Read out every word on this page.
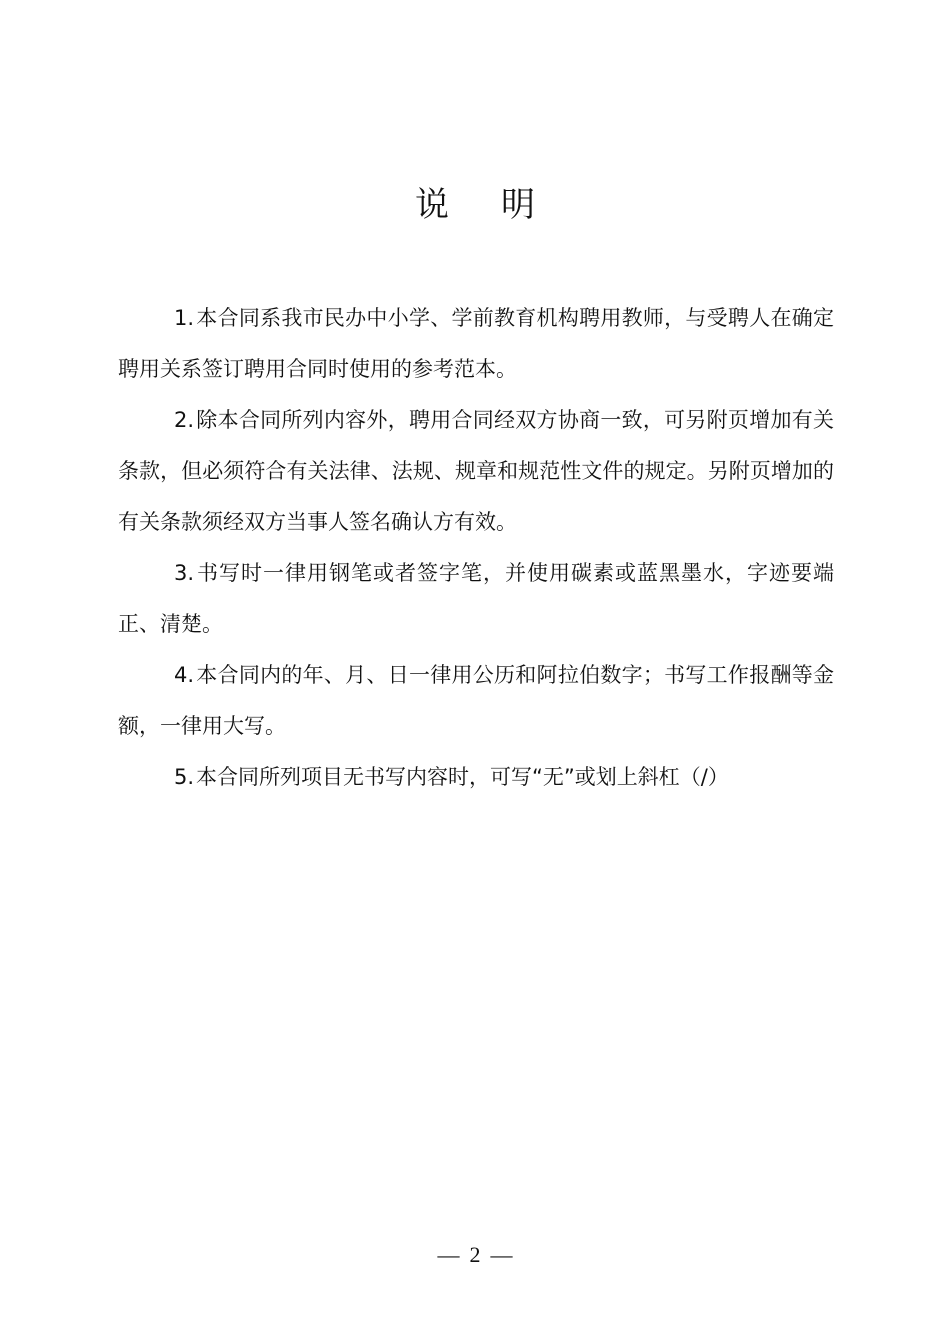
说明

1.本合同系我市民办中小学、学前教育机构聘用教师，与受聘人在确定聘用关系签订聘用合同时使用的参考范本。

2.除本合同所列内容外，聘用合同经双方协商一致，可另附页增加有关条款，但必须符合有关法律、法规、规章和规范性文件的规定。另附页增加的有关条款须经双方当事人签名确认方有效。

3.书写时一律用钢笔或者签字笔，并使用碳素或蓝黑墨水，字迹要端正、清楚。

4.本合同内的年、月、日一律用公历和阿拉伯数字；书写工作报酬等金额，一律用大写。

5.本合同所列项目无书写内容时，可写“无”或划上斜杠（/）

— 2 —
